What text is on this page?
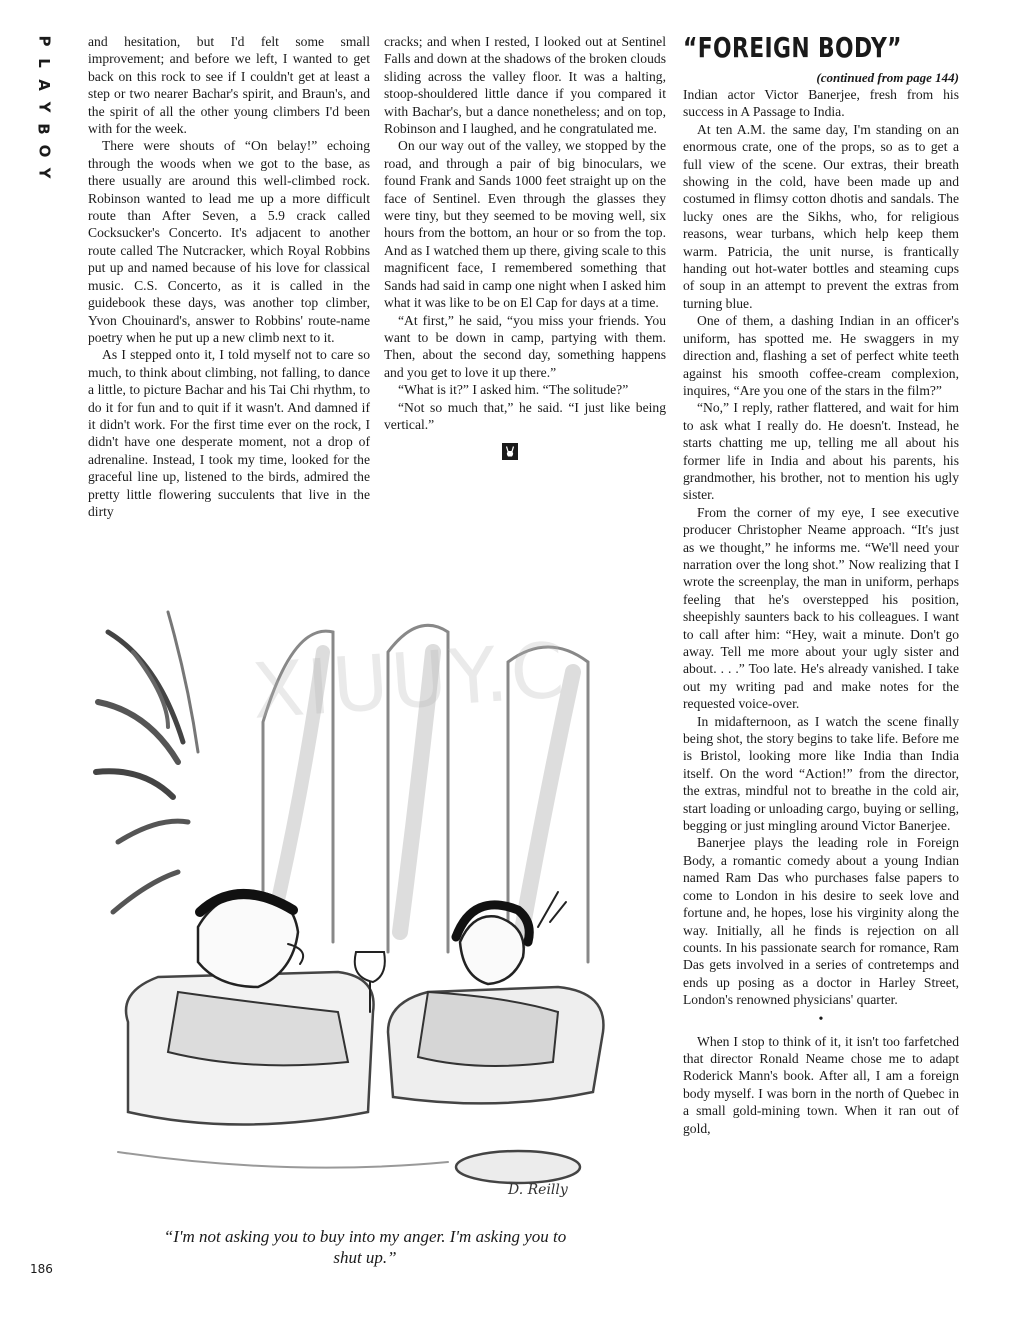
P
L
A
Y
B
O
Y

and hesitation, but I'd felt some small improvement; and before we left, I wanted to get back on this rock to see if I couldn't get at least a step or two nearer Bachar's spirit, and Braun's, and the spirit of all the other young climbers I'd been with for the week.

There were shouts of “On belay!” echoing through the woods when we got to the base, as there usually are around this well-climbed rock. Robinson wanted to lead me up a more difficult route than After Seven, a 5.9 crack called Cocksucker's Concerto. It's adjacent to another route called The Nutcracker, which Royal Robbins put up and named because of his love for classical music. C.S. Concerto, as it is called in the guidebook these days, was another top climber, Yvon Chouinard's, answer to Robbins' route-name poetry when he put up a new climb next to it.

As I stepped onto it, I told myself not to care so much, to think about climbing, not falling, to dance a little, to picture Bachar and his Tai Chi rhythm, to do it for fun and to quit if it wasn't. And damned if it didn't work. For the first time ever on the rock, I didn't have one desperate moment, not a drop of adrenaline. Instead, I took my time, looked for the graceful line up, listened to the birds, admired the pretty little flowering succulents that live in the dirty

cracks; and when I rested, I looked out at Sentinel Falls and down at the shadows of the broken clouds sliding across the valley floor. It was a halting, stoop-shouldered little dance if you compared it with Bachar's, but a dance nonetheless; and on top, Robinson and I laughed, and he congratulated me.

On our way out of the valley, we stopped by the road, and through a pair of big binoculars, we found Frank and Sands 1000 feet straight up on the face of Sentinel. Even through the glasses they were tiny, but they seemed to be moving well, six hours from the bottom, an hour or so from the top. And as I watched them up there, giving scale to this magnificent face, I remembered something that Sands had said in camp one night when I asked him what it was like to be on El Cap for days at a time.

“At first,” he said, “you miss your friends. You want to be down in camp, partying with them. Then, about the second day, something happens and you get to love it up there.”

“What is it?” I asked him. “The solitude?”

“Not so much that,” he said. “I just like being vertical.”

“FOREIGN BODY”
(continued from page 144)

Indian actor Victor Banerjee, fresh from his success in A Passage to India.

At ten A.M. the same day, I'm standing on an enormous crate, one of the props, so as to get a full view of the scene. Our extras, their breath showing in the cold, have been made up and costumed in flimsy cotton dhotis and sandals. The lucky ones are the Sikhs, who, for religious reasons, wear turbans, which help keep them warm. Patricia, the unit nurse, is frantically handing out hot-water bottles and steaming cups of soup in an attempt to prevent the extras from turning blue.

One of them, a dashing Indian in an officer's uniform, has spotted me. He swaggers in my direction and, flashing a set of perfect white teeth against his smooth coffee-cream complexion, inquires, “Are you one of the stars in the film?”

“No,” I reply, rather flattered, and wait for him to ask what I really do. He doesn't. Instead, he starts chatting me up, telling me all about his former life in India and about his parents, his grandmother, his brother, not to mention his ugly sister.

From the corner of my eye, I see executive producer Christopher Neame approach. “It's just as we thought,” he informs me. “We'll need your narration over the long shot.” Now realizing that I wrote the screenplay, the man in uniform, perhaps feeling that he's overstepped his position, sheepishly saunters back to his colleagues. I want to call after him: “Hey, wait a minute. Don't go away. Tell me more about your ugly sister and about. . . .” Too late. He's already vanished. I take out my writing pad and make notes for the requested voice-over.

In midafternoon, as I watch the scene finally being shot, the story begins to take life. Before me is Bristol, looking more like India than India itself. On the word “Action!” from the director, the extras, mindful not to breathe in the cold air, start loading or unloading cargo, buying or selling, begging or just mingling around Victor Banerjee.

Banerjee plays the leading role in Foreign Body, a romantic comedy about a young Indian named Ram Das who purchases false papers to come to London in his desire to seek love and fortune and, he hopes, lose his virginity along the way. Initially, all he finds is rejection on all counts. In his passionate search for romance, Ram Das gets involved in a series of contretemps and ends up posing as a doctor in Harley Street, London's renowned physicians' quarter.

•

When I stop to think of it, it isn't too farfetched that director Ronald Neame chose me to adapt Roderick Mann's book. After all, I am a foreign body myself. I was born in the north of Quebec in a small gold-mining town. When it ran out of gold,

D. Reilly
XIUUY.C
“I'm not asking you to buy into my anger. I'm asking you to shut up.”
186
